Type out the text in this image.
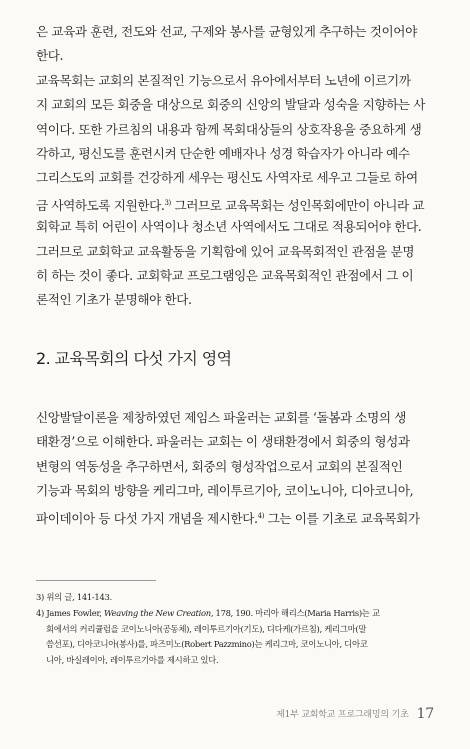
은 교육과 훈련, 전도와 선교, 구제와 봉사를 균형있게 추구하는 것이어야
한다.
교육목회는 교회의 본질적인 기능으로서 유아에서부터 노년에 이르기까
지 교회의 모든 회중을 대상으로 회중의 신앙의 발달과 성숙을 지향하는 사
역이다. 또한 가르침의 내용과 함께 목회대상들의 상호작용을 중요하게 생
각하고, 평신도를 훈련시켜 단순한 예배자나 성경 학습자가 아니라 예수
그리스도의 교회를 건강하게 세우는 평신도 사역자로 세우고 그들로 하여
금 사역하도록 지원한다.$^{3)}$ 그러므로 교육목회는 성인목회에만이 아니라 교
회학교 특히 어린이 사역이나 청소년 사역에서도 그대로 적용되어야 한다.
그러므로 교회학교 교육활동을 기획함에 있어 교육목회적인 관점을 분명
히 하는 것이 좋다. 교회학교 프로그램잉은 교육목회적인 관점에서 그 이
론적인 기초가 분명해야 한다.
2. 교육목회의 다섯 가지 영역
신앙발달이론을 제창하였던 제임스 파울러는 교회를 ‘돌봄과 소명의 생
태환경’으로 이해한다. 파울러는 교회는 이 생태환경에서 회중의 형성과
변형의 역동성을 추구하면서, 회중의 형성작업으로서 교회의 본질적인
기능과 목회의 방향을 케리그마, 레이투르기아, 코이노니아, 디아코니아,
파이데이아 등 다섯 가지 개념을 제시한다.$^{4)}$ 그는 이를 기초로 교육목회가
3) 위의 글, 141-143.
4) James Fowler, Weaving the New Creation, 178, 190. 마리아 해리스(Maria Harris)는 교
회에서의 커리큘럼을 코이노니아(공동체), 레이투르기아(기도), 디다케(가르침), 케리그마(말
씀선포), 디아코니아(봉사)를, 파즈미노(Robert Pazzmino)는 케리그마, 코이노니아, 디아코
니아, 바실레이아, 레이투르기아를 제시하고 있다.
제1부 교회학교 프로그래밍의 기초 17
